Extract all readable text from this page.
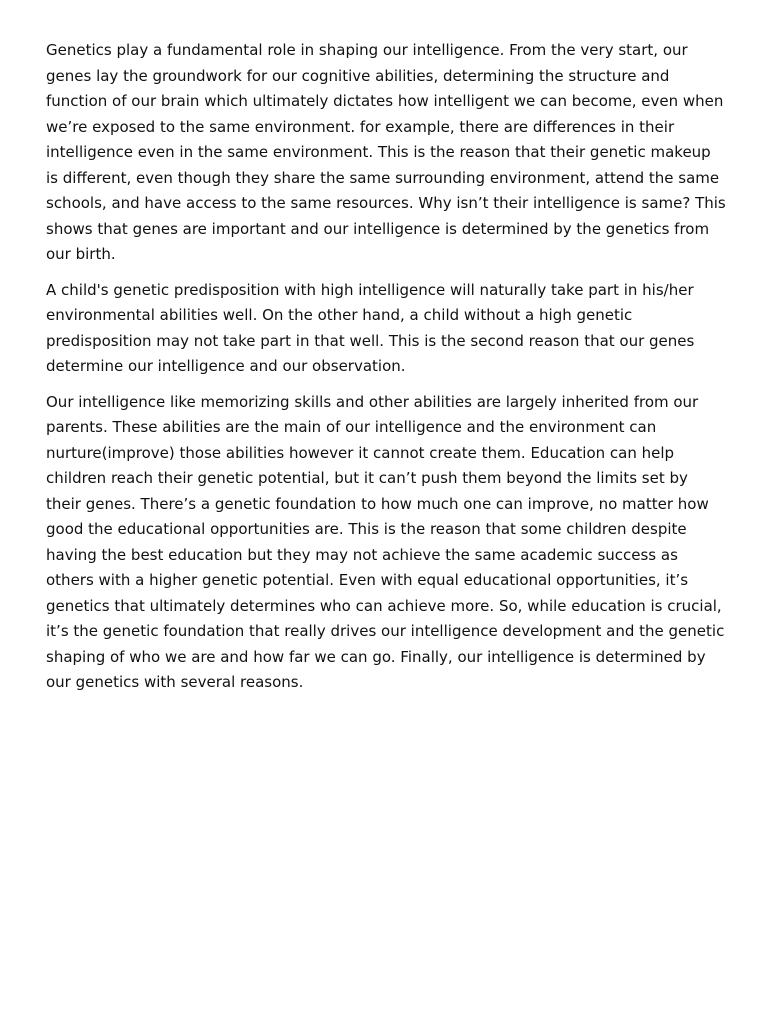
Genetics play a fundamental role in shaping our intelligence. From the very start, our genes lay the groundwork for our cognitive abilities, determining the structure and function of our brain which ultimately dictates how intelligent we can become, even when we’re exposed to the same environment. for example, there are differences in their intelligence even in the same environment. This is the reason that their genetic makeup is different, even though they share the same surrounding environment, attend the same schools, and have access to the same resources. Why isn’t their intelligence is same? This shows that genes are important and our intelligence is determined by the genetics from our birth.

A child's genetic predisposition with high intelligence will naturally take part in his/her environmental abilities well. On the other hand, a child without a high genetic predisposition may not take part in that well. This is the second reason that our genes determine our intelligence and our observation.

Our intelligence like memorizing skills and other abilities are largely inherited from our parents. These abilities are the main of our intelligence and the environment can nurture(improve) those abilities however it cannot create them. Education can help children reach their genetic potential, but it can’t push them beyond the limits set by their genes. There’s a genetic foundation to how much one can improve, no matter how good the educational opportunities are. This is the reason that some children despite having the best education but they may not achieve the same academic success as others with a higher genetic potential. Even with equal educational opportunities, it’s genetics that ultimately determines who can achieve more. So, while education is crucial, it’s the genetic foundation that really drives our intelligence development and the genetic shaping of who we are and how far we can go. Finally, our intelligence is determined by our genetics with several reasons.
